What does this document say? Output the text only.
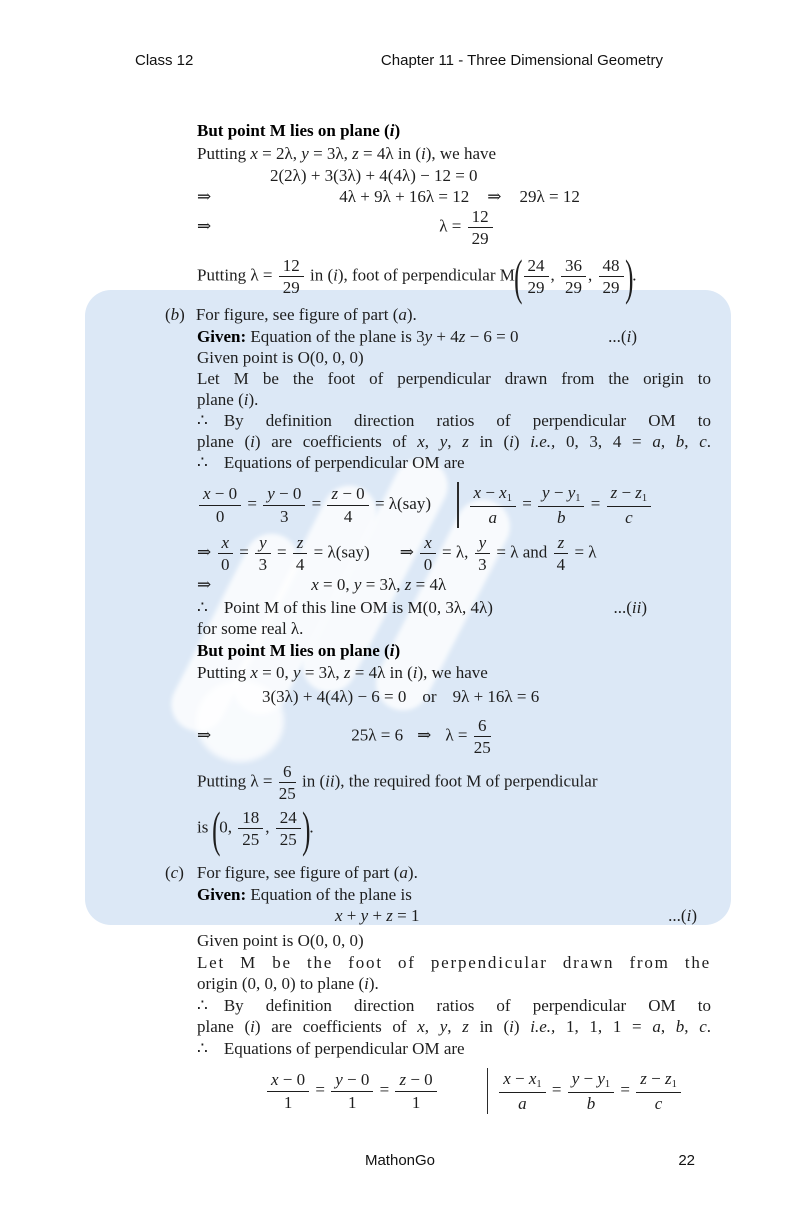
Class 12	Chapter 11 - Three Dimensional Geometry
But point M lies on plane (i)
Putting x = 2λ, y = 3λ, z = 4λ in (i), we have
2(2λ) + 3(3λ) + 4(4λ) − 12 = 0
⇒	4λ + 9λ + 16λ = 12 ⇒ 29λ = 12
⇒	$\lambda = \frac{12}{29}$
Putting $\lambda = \frac{12}{29}$ in (i), foot of perpendicular $M( \frac{24}{29}$ , $\frac{36}{29}$ , $\frac{48}{29}$ ).
(b) For figure, see figure of part (a).
Given: Equation of the plane is 3y + 4z − 6 = 0	...(i)
Given point is O(0, 0, 0)
Let M be the foot of perpendicular drawn from the origin to
plane (i).
∴ By definition direction ratios of perpendicular OM to
plane (i) are coefficients of x, y, z in (i) i.e., 0, 3, 4 = a, b, c.
∴ Equations of perpendicular OM are
$\frac{x - 0}{0} = \frac{y - 0}{3} = \frac{z - 0}{4} = \lambda(say) \frac{x - x1}{a} = \frac{y - y1}{b} = \frac{z - z1}{c}$
⇒ $\frac{x}{0} = \frac{y}{3} = \frac{z}{4} = \lambda(say)$ ⇒ $\frac{x}{0} = \lambda$, $\frac{y}{3} = \lambda$ and $\frac{z}{4} = \lambda$
⇒	x = 0, y = 3λ, z = 4λ
∴ Point M of this line OM is M(0, 3λ, 4λ)	...(ii)
for some real λ.
But point M lies on plane (i)
Putting x = 0, y = 3λ, z = 4λ in (i), we have
3(3λ) + 4(4λ) − 6 = 0 or 9λ + 16λ = 6
⇒	25λ = 6 ⇒ $\lambda = \frac{6}{25}$
Putting $\lambda = \frac{6}{25}$ in (ii), the required foot M of perpendicular
is (0, $\frac{18}{25}$ , $\frac{24}{25}$ ).
(c) For figure, see figure of part (a).
Given: Equation of the plane is
x + y + z = 1	...(i)
Given point is O(0, 0, 0)
Let M be the foot of perpendicular drawn from the
origin (0, 0, 0) to plane (i).
∴ By definition direction ratios of perpendicular OM to
plane (i) are coefficients of x, y, z in (i) i.e., 1, 1, 1 = a, b, c.
∴ Equations of perpendicular OM are
$\frac{x - 0}{1} = \frac{y - 0}{1} = \frac{z - 0}{1}$	$\frac{x - x1}{a} = \frac{y - y1}{b} = \frac{z - z1}{c}$
MathonGo	22
